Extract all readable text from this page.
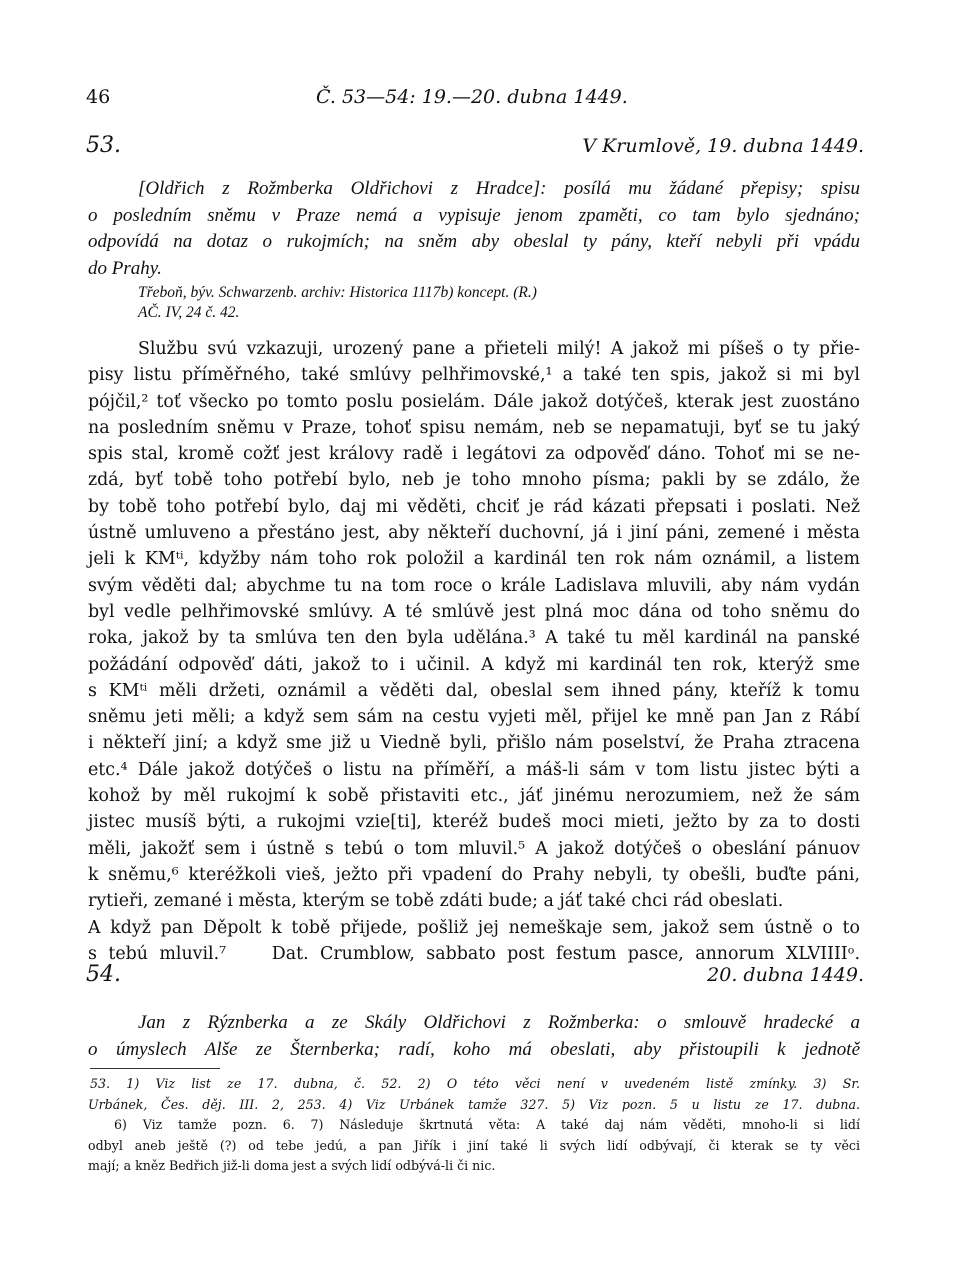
46	Č. 53—54: 19.—20. dubna 1449.
53.	V Krumlově, 19. dubna 1449.
[Oldřich z Rožmberka Oldřichovi z Hradce]: posílá mu žádané přepisy; spisu
o posledním sněmu v Praze nemá a vypisuje jenom zpaměti, co tam bylo sjednáno;
odpovídá na dotaz o rukojmích; na sněm aby obeslal ty pány, kteří nebyli při vpádu
do Prahy.
Třeboň, býv. Schwarzenb. archiv: Historica 1117b) koncept. (R.)
AČ. IV, 24 č. 42.
Službu svú vzkazuji, urozený pane a přieteli milý! A jakož mi píšeš o ty přie-
pisy listu příměřného, také smlúvy pelhřimovské,¹ a také ten spis, jakož si mi byl
pójčil,² toť všecko po tomto poslu posielám. Dále jakož dotýčeš, kterak jest zuostáno
na posledním sněmu v Praze, tohoť spisu nemám, neb se nepamatuji, byť se tu jaký
spis stal, kromě cožť jest královy radě i legátovi za odpověď dáno. Tohoť mi se ne-
zdá, byť tobě toho potřebí bylo, neb je toho mnoho písma; pakli by se zdálo, že
by tobě toho potřebí bylo, daj mi věděti, chciť je rád kázati přepsati i poslati. Než
ústně umluveno a přestáno jest, aby někteří duchovní, já i jiní páni, zemené i města
jeli k KMᵗⁱ, kdyžby nám toho rok položil a kardinál ten rok nám oznámil, a listem
svým věděti dal; abychme tu na tom roce o krále Ladislava mluvili, aby nám vydán
byl vedle pelhřimovské smlúvy. A té smlúvě jest plná moc dána od toho sněmu do
roka, jakož by ta smlúva ten den byla udělána.³ A také tu měl kardinál na panské
požádání odpověď dáti, jakož to i učinil. A když mi kardinál ten rok, kterýž sme
s KMᵗⁱ měli držeti, oznámil a věděti dal, obeslal sem ihned pány, kteříž k tomu
sněmu jeti měli; a když sem sám na cestu vyjeti měl, přijel ke mně pan Jan z Rábí
i někteří jiní; a když sme již u Viedně byli, přišlo nám poselství, že Praha ztracena
etc.⁴ Dále jakož dotýčeš o listu na příměří, a máš-li sám v tom listu jistec býti a
kohož by měl rukojmí k sobě přistaviti etc., jáť jinému nerozumiem, než že sám
jistec musíš býti, a rukojmi vzie[ti], kteréž budeš moci mieti, ježto by za to dosti
měli, jakožť sem i ústně s tebú o tom mluvil.⁵ A jakož dotýčeš o obeslání pánuov
k sněmu,⁶ kteréžkoli vieš, ježto při vpadení do Prahy nebyli, ty obešli, buďte páni,
rytieři, zemané i města, kterým se tobě zdáti bude; a jáť také chci rád obeslati.
A když pan Děpolt k tobě přijede, pošliž jej nemeškaje sem, jakož sem ústně o to
s tebú mluvil.⁷    Dat. Crumblow, sabbato post festum pasce, annorum XLVIIIIᵒ.
54.	20. dubna 1449.
Jan z Rýznberka a ze Skály Oldřichovi z Rožmberka: o smlouvě hradecké a
o úmyslech Alše ze Šternberka; radí, koho má obeslati, aby přistoupili k jednotě
53. 1) Viz list ze 17. dubna, č. 52. 2) O této věci není v uvedeném listě zmínky. 3) Sr.
Urbánek, Čes. děj. III. 2, 253. 4) Viz Urbánek tamže 327. 5) Viz pozn. 5 u listu ze 17. dubna.
6) Viz tamže pozn. 6. 7) Následuje škrtnutá věta: A také daj nám věděti, mnoho-li si lidí
odbyl aneb ještě (?) od tebe jedú, a pan Jiřík i jiní také li svých lidí odbývají, či kterak se ty věci
mají; a kněz Bedřich již-li doma jest a svých lidí odbývá-li či nic.
